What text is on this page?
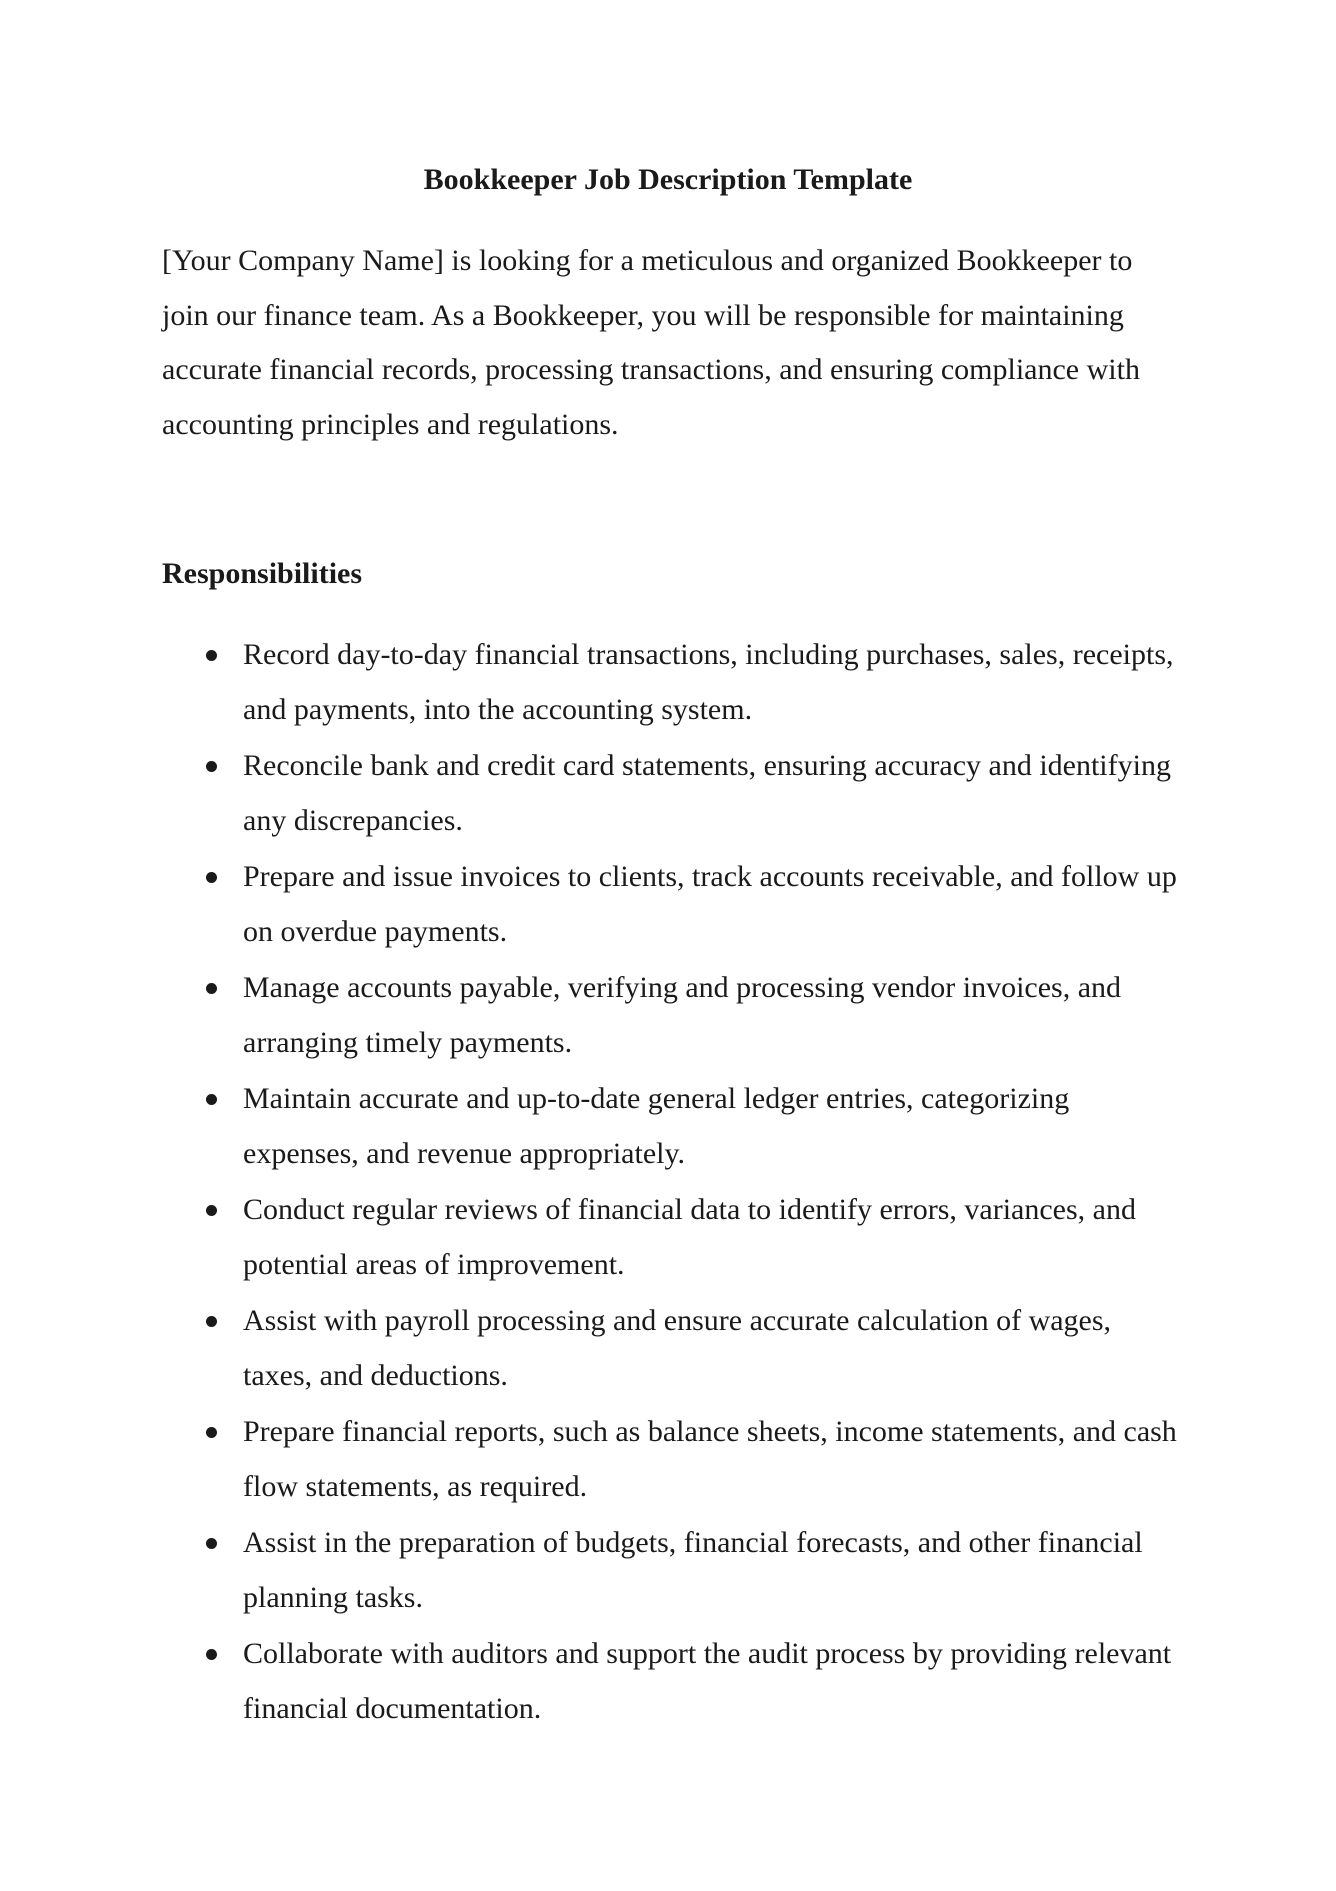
Bookkeeper Job Description Template

[Your Company Name] is looking for a meticulous and organized Bookkeeper to join our finance team. As a Bookkeeper, you will be responsible for maintaining accurate financial records, processing transactions, and ensuring compliance with accounting principles and regulations.

Responsibilities
Record day-to-day financial transactions, including purchases, sales, receipts, and payments, into the accounting system.
Reconcile bank and credit card statements, ensuring accuracy and identifying any discrepancies.
Prepare and issue invoices to clients, track accounts receivable, and follow up on overdue payments.
Manage accounts payable, verifying and processing vendor invoices, and arranging timely payments.
Maintain accurate and up-to-date general ledger entries, categorizing expenses, and revenue appropriately.
Conduct regular reviews of financial data to identify errors, variances, and potential areas of improvement.
Assist with payroll processing and ensure accurate calculation of wages, taxes, and deductions.
Prepare financial reports, such as balance sheets, income statements, and cash flow statements, as required.
Assist in the preparation of budgets, financial forecasts, and other financial planning tasks.
Collaborate with auditors and support the audit process by providing relevant financial documentation.
